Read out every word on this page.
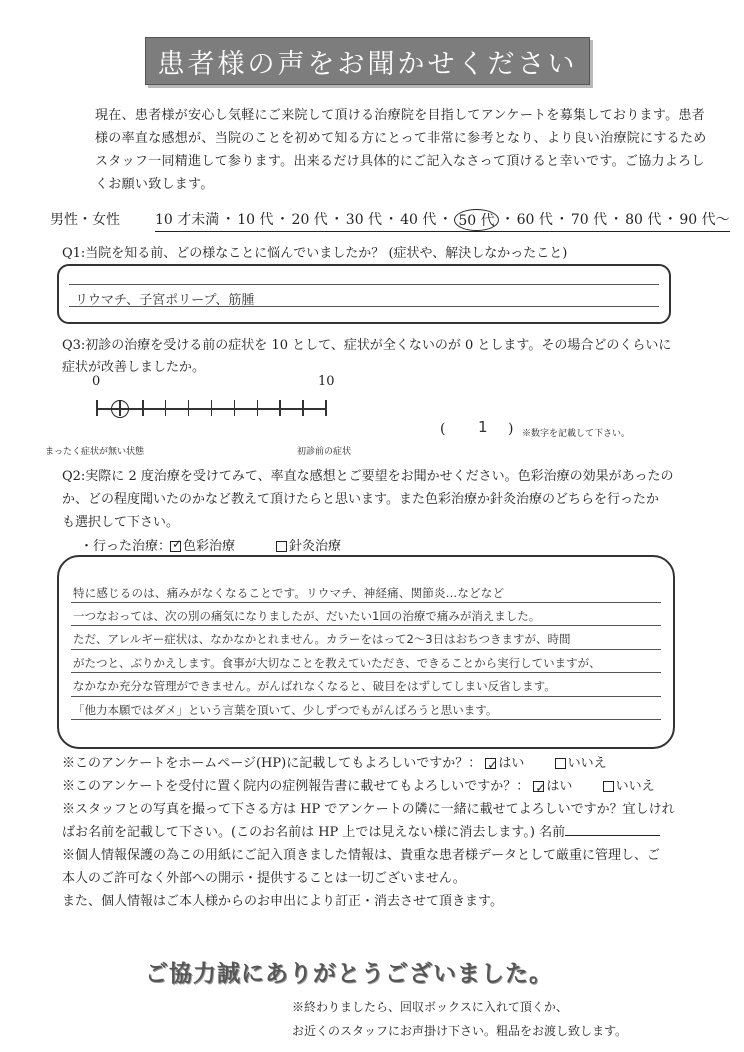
患者様の声をお聞かせください
現在、患者様が安心し気軽にご来院して頂ける治療院を目指してアンケートを募集しております。患者
様の率直な感想が、当院のことを初めて知る方にとって非常に参考となり、より良い治療院にするため
スタッフ一同精進して参ります。出来るだけ具体的にご記入なさって頂けると幸いです。ご協力よろし
くお願い致します。
男性・女性	10 才未満 ・ 10 代 ・ 20 代 ・ 30 代 ・ 40 代 ・ 50 代 ・ 60 代 ・ 70 代 ・ 80 代 ・ 90 代〜
Q1:当院を知る前、どの様なことに悩んでいましたか？ (症状や、解決しなかったこと)
リウマチ、子宮ポリープ、筋腫
Q3:初診の治療を受ける前の症状を 10 として、症状が全くないのが 0 とします。その場合どのくらいに
症状が改善しましたか。
0	10
まったく症状が無い状態	初診前の症状
( 1 ) ※数字を記載して下さい。
Q2:実際に 2 度治療を受けてみて、率直な感想とご要望をお聞かせください。色彩治療の効果があったの
か、どの程度聞いたのかなど教えて頂けたらと思います。また色彩治療か針灸治療のどちらを行ったか
も選択して下さい。
・行った治療： ✓ 色彩治療	針灸治療
特に感じるのは、痛みがなくなることです。リウマチ、神経痛、関節炎…などなど
一つなおっては、次の別の痛気になりましたが、だいたい1回の治療で痛みが消えました。
ただ、アレルギー症状は、なかなかとれません。カラーをはって2〜3日はおちつきますが、時間
がたつと、ぶりかえします。食事が大切なことを教えていただき、できることから実行していますが、
なかなか充分な管理ができません。がんばれなくなると、破目をはずしてしまい反省します。
「他力本願ではダメ」という言葉を頂いて、少しずつでもがんばろうと思います。
※このアンケートをホームページ(HP)に記載してもよろしいですか？： ✓ はい	いいえ
※このアンケートを受付に置く院内の症例報告書に載せてもよろしいですか？： ✓ はい	いいえ
※スタッフとの写真を撮って下さる方は HP でアンケートの隣に一緒に載せてよろしいですか？宜しけれ
ばお名前を記載して下さい。(このお名前は HP 上では見えない様に消去します。) 名前
※個人情報保護の為この用紙にご記入頂きました情報は、貴重な患者様データとして厳重に管理し、ご
本人のご許可なく外部への開示・提供することは一切ございません。
また、個人情報はご本人様からのお申出により訂正・消去させて頂きます。
ご協力誠にありがとうございました。
※終わりましたら、回収ボックスに入れて頂くか、
お近くのスタッフにお声掛け下さい。粗品をお渡し致します。
